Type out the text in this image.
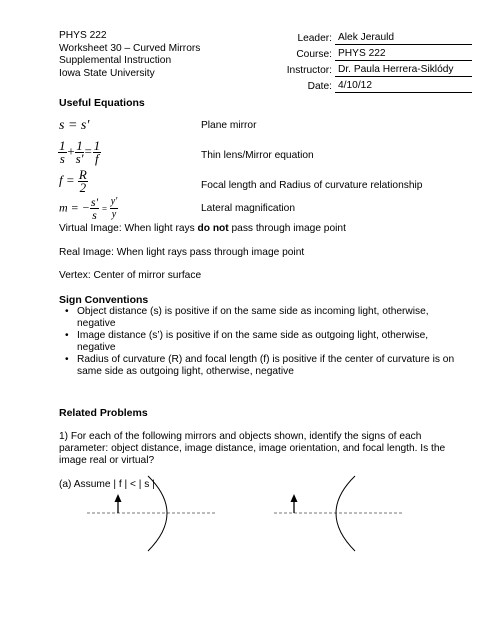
PHYS 222
Worksheet 30 – Curved Mirrors
Supplemental Instruction
Iowa State University
Leader: Alek Jerauld
Course: PHYS 222
Instructor: Dr. Paula Herrera-Siklódy
Date: 4/10/12
Useful Equations
s = s'	Plane mirror
$\frac{1}{s} + \frac{1}{s'} = \frac{1}{f}$	Thin lens/Mirror equation
$f = \frac{R}{2}$	Focal length and Radius of curvature relationship
m = − $\frac{s'}{s} = \frac{y'}{y}$	Lateral magnification

Virtual Image: When light rays do not pass through image point

Real Image: When light rays pass through image point

Vertex: Center of mirror surface

Sign Conventions
• Object distance (s) is positive if on the same side as incoming light, otherwise, negative
• Image distance (s’) is positive if on the same side as outgoing light, otherwise, negative
• Radius of curvature (R) and focal length (f) is positive if the center of curvature is on same side as outgoing light, otherwise, negative
Related Problems

1) For each of the following mirrors and objects shown, identify the signs of each parameter: object distance, image distance, image orientation, and focal length. Is the image real or virtual?

(a) Assume | f | < | s |
